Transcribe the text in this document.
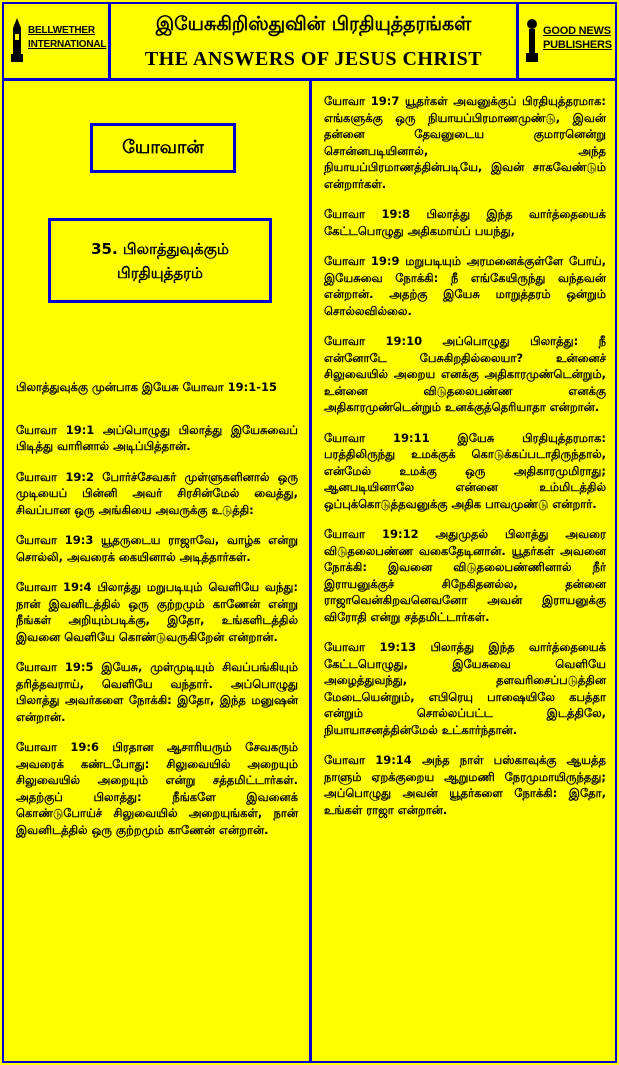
BELLWETHER
INTERNATIONAL
இயேசுகிறிஸ்துவின் பிரதியுத்தரங்கள்
THE ANSWERS OF JESUS CHRIST
GOOD NEWS
PUBLISHERS
யோவான்
35. பிலாத்துவுக்கும்
பிரதியுத்தரம்

பிலாத்துவுக்கு முன்பாக இயேசு யோவா 19:1-15

யோவா 19:1 அப்பொழுது பிலாத்து இயேசுவைப் பிடித்து வாரினால் அடிப்பித்தான்.

யோவா 19:2 போர்ச்சேவகர் முள்ளுகளினால் ஒரு முடியைப் பின்னி அவர் சிரசின்மேல் வைத்து, சிவப்பான ஒரு அங்கியை அவருக்கு உடுத்தி:

யோவா 19:3 யூதருடைய ராஜாவே, வாழ்க என்று சொல்லி, அவரைக் கையினால் அடித்தார்கள்.

யோவா 19:4 பிலாத்து மறுபடியும் வெளியே வந்து: நான் இவனிடத்தில் ஒரு குற்றமும் காணேன் என்று நீங்கள் அறியும்படிக்கு, இதோ, உங்களிடத்தில் இவனை வெளியே கொண்டுவருகிறேன் என்றான்.

யோவா 19:5 இயேசு, முள்முடியும் சிவப்பங்கியும் தரித்தவராய், வெளியே வந்தார். அப்பொழுது பிலாத்து அவர்களை நோக்கி: இதோ, இந்த மனுஷன் என்றான்.

யோவா 19:6 பிரதான ஆசாரியரும் சேவகரும் அவரைக் கண்டபோது: சிலுவையில் அறையும் சிலுவையில் அறையும் என்று சத்தமிட்டார்கள். அதற்குப் பிலாத்து: நீங்களே இவனைக் கொண்டுபோய்ச் சிலுவையில் அறையுங்கள், நான் இவனிடத்தில் ஒரு குற்றமும் காணேன் என்றான்.

யோவா 19:7 யூதர்கள் அவனுக்குப் பிரதியுத்தரமாக: எங்களுக்கு ஒரு நியாயப்பிரமாணமுண்டு, இவன் தன்னை தேவனுடைய குமாரனென்று சொன்னபடியினால், அந்த நியாயப்பிரமாணத்தின்படியே, இவன் சாகவேண்டும் என்றார்கள்.

யோவா 19:8 பிலாத்து இந்த வார்த்தையைக் கேட்டபொழுது அதிகமாய்ப் பயந்து,

யோவா 19:9 மறுபடியும் அரமனைக்குள்ளே போய், இயேசுவை நோக்கி: நீ எங்கேயிருந்து வந்தவன் என்றான். அதற்கு இயேசு மாறுத்தரம் ஒன்றும் சொல்லவில்லை.

யோவா 19:10 அப்பொழுது பிலாத்து: நீ என்னோடே பேசுகிறதில்லையா? உன்னைச் சிலுவையில் அறைய எனக்கு அதிகாரமுண்டென்றும், உன்னை விடுதலைபண்ண எனக்கு அதிகாரமுண்டென்றும் உனக்குத்தெரியாதா என்றான்.

யோவா 19:11 இயேசு பிரதியுத்தரமாக: பரத்திலிருந்து உமக்குக் கொடுக்கப்படாதிருந்தால், என்மேல் உமக்கு ஒரு அதிகாரமுமிராது; ஆனபடியினாலே என்னை உம்மிடத்தில் ஒப்புக்கொடுத்தவனுக்கு அதிக பாவமுண்டு என்றார்.

யோவா 19:12 அதுமுதல் பிலாத்து அவரை விடுதலைபண்ண வகைதேடினான். யூதர்கள் அவனை நோக்கி: இவனை விடுதலைபண்ணினால் நீர் இராயனுக்குச் சிநேகிதனல்ல, தன்னை ராஜாவென்கிறவனெவனோ அவன் இராயனுக்கு விரோதி என்று சத்தமிட்டார்கள்.

யோவா 19:13 பிலாத்து இந்த வார்த்தையைக் கேட்டபொழுது, இயேசுவை வெளியே அழைத்துவந்து, தளவரிசைப்படுத்தின மேடையென்றும், எபிரெயு பாஷையிலே கபத்தா என்றும் சொல்லப்பட்ட இடத்திலே, நியாயாசனத்தின்மேல் உட்கார்ந்தான்.

யோவா 19:14 அந்த நாள் பஸ்காவுக்கு ஆயத்த நாளும் ஏறக்குறைய ஆறுமணி நேரமுமாயிருந்தது; அப்பொழுது அவன் யூதர்களை நோக்கி: இதோ, உங்கள் ராஜா என்றான்.
